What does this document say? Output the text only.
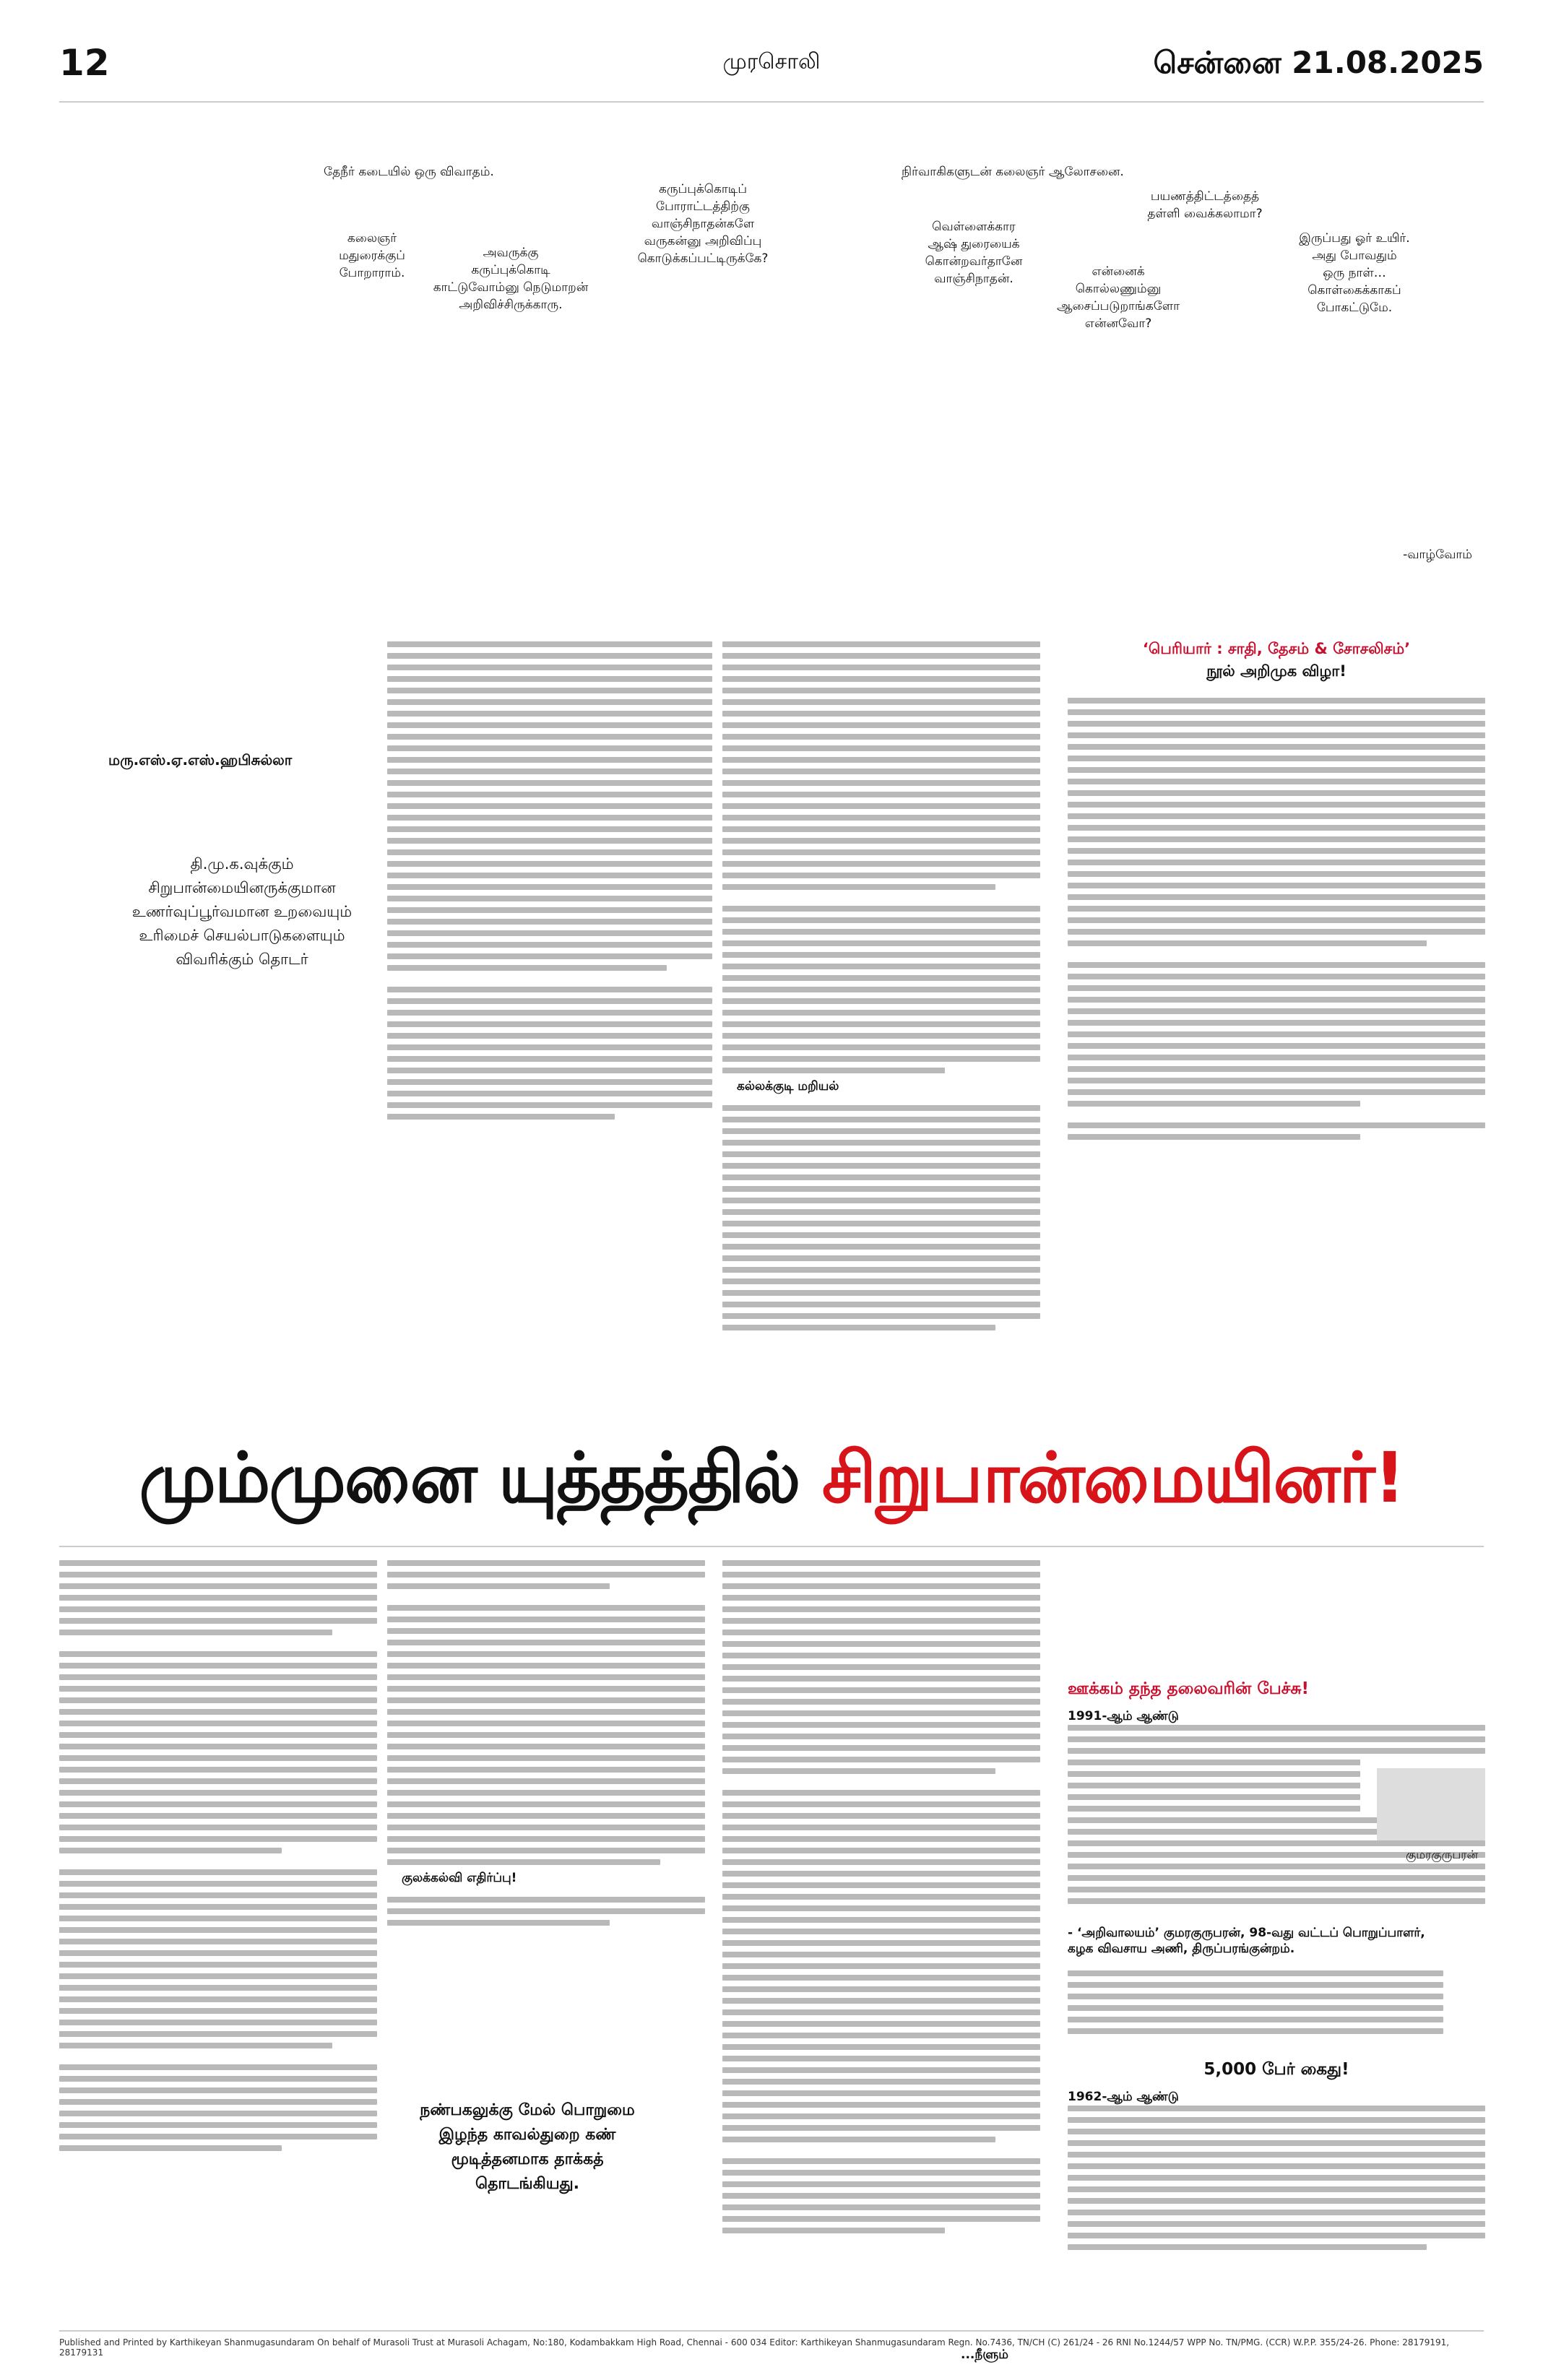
12	முரசொலி	சென்னை 21.08.2025
தேநீர் கடையில் ஒரு விவாதம்.	நிர்வாகிகளுடன் கலைஞர் ஆலோசனை.
கலைஞர்
மதுரைக்குப்
போறாராம்.
அவருக்கு
கருப்புக்கொடி
காட்டுவோம்னு நெடுமாறன்
அறிவிச்சிருக்காரு.
கருப்புக்கொடிப்
போராட்டத்திற்கு
வாஞ்சிநாதன்களே
வருகன்னு அறிவிப்பு
கொடுக்கப்பட்டிருக்கே?
வெள்ளைக்கார
ஆஷ் துரையைக்
கொன்றவர்தானே
வாஞ்சிநாதன்.	என்னைக்
கொல்லணும்னு
ஆசைப்படுறாங்களோ
என்னவோ?
பயணத்திட்டத்தைத்
தள்ளி வைக்கலாமா?
இருப்பது ஓர் உயிர்.
அது போவதும்
ஒரு நாள்…
கொள்கைக்காகப்
போகட்டுமே.
-வாழ்வோம்
மரு.எஸ்.ஏ.எஸ்.ஹபிசுல்லா
தி.மு.க.வுக்கும்
சிறுபான்மையினருக்குமான
உணர்வுப்பூர்வமான உறவையும்
உரிமைச் செயல்பாடுகளையும்
விவரிக்கும் தொடர்
கல்லக்குடி மறியல்
‘பெரியார் : சாதி, தேசம் & சோசலிசம்’
நூல் அறிமுக விழா!
மும்முனை யுத்தத்தில் சிறுபான்மையினர்!
குலக்கல்வி எதிர்ப்பு!
நண்பகலுக்கு மேல் பொறுமை
இழந்த காவல்துறை கண்
மூடித்தனமாக தாக்கத்
தொடங்கியது.
...நீளும்
ஊக்கம் தந்த தலைவரின் பேச்சு!
1991-ஆம் ஆண்டு
குமரகுருபரன்
- ‘அறிவாலயம்’ குமரகுருபரன், 98-வது வட்டப் பொறுப்பாளர்,
கழக விவசாய அணி, திருப்பரங்குன்றம்.
5,000 பேர் கைது!
1962-ஆம் ஆண்டு
Published and Printed by Karthikeyan Shanmugasundaram On behalf of Murasoli Trust at Murasoli Achagam, No:180, Kodambakkam High Road, Chennai - 600 034 Editor: Karthikeyan Shanmugasundaram Regn. No.7436, TN/CH (C) 261/24 - 26 RNI No.1244/57 WPP No. TN/PMG. (CCR) W.P.P. 355/24-26. Phone: 28179191, 28179131
